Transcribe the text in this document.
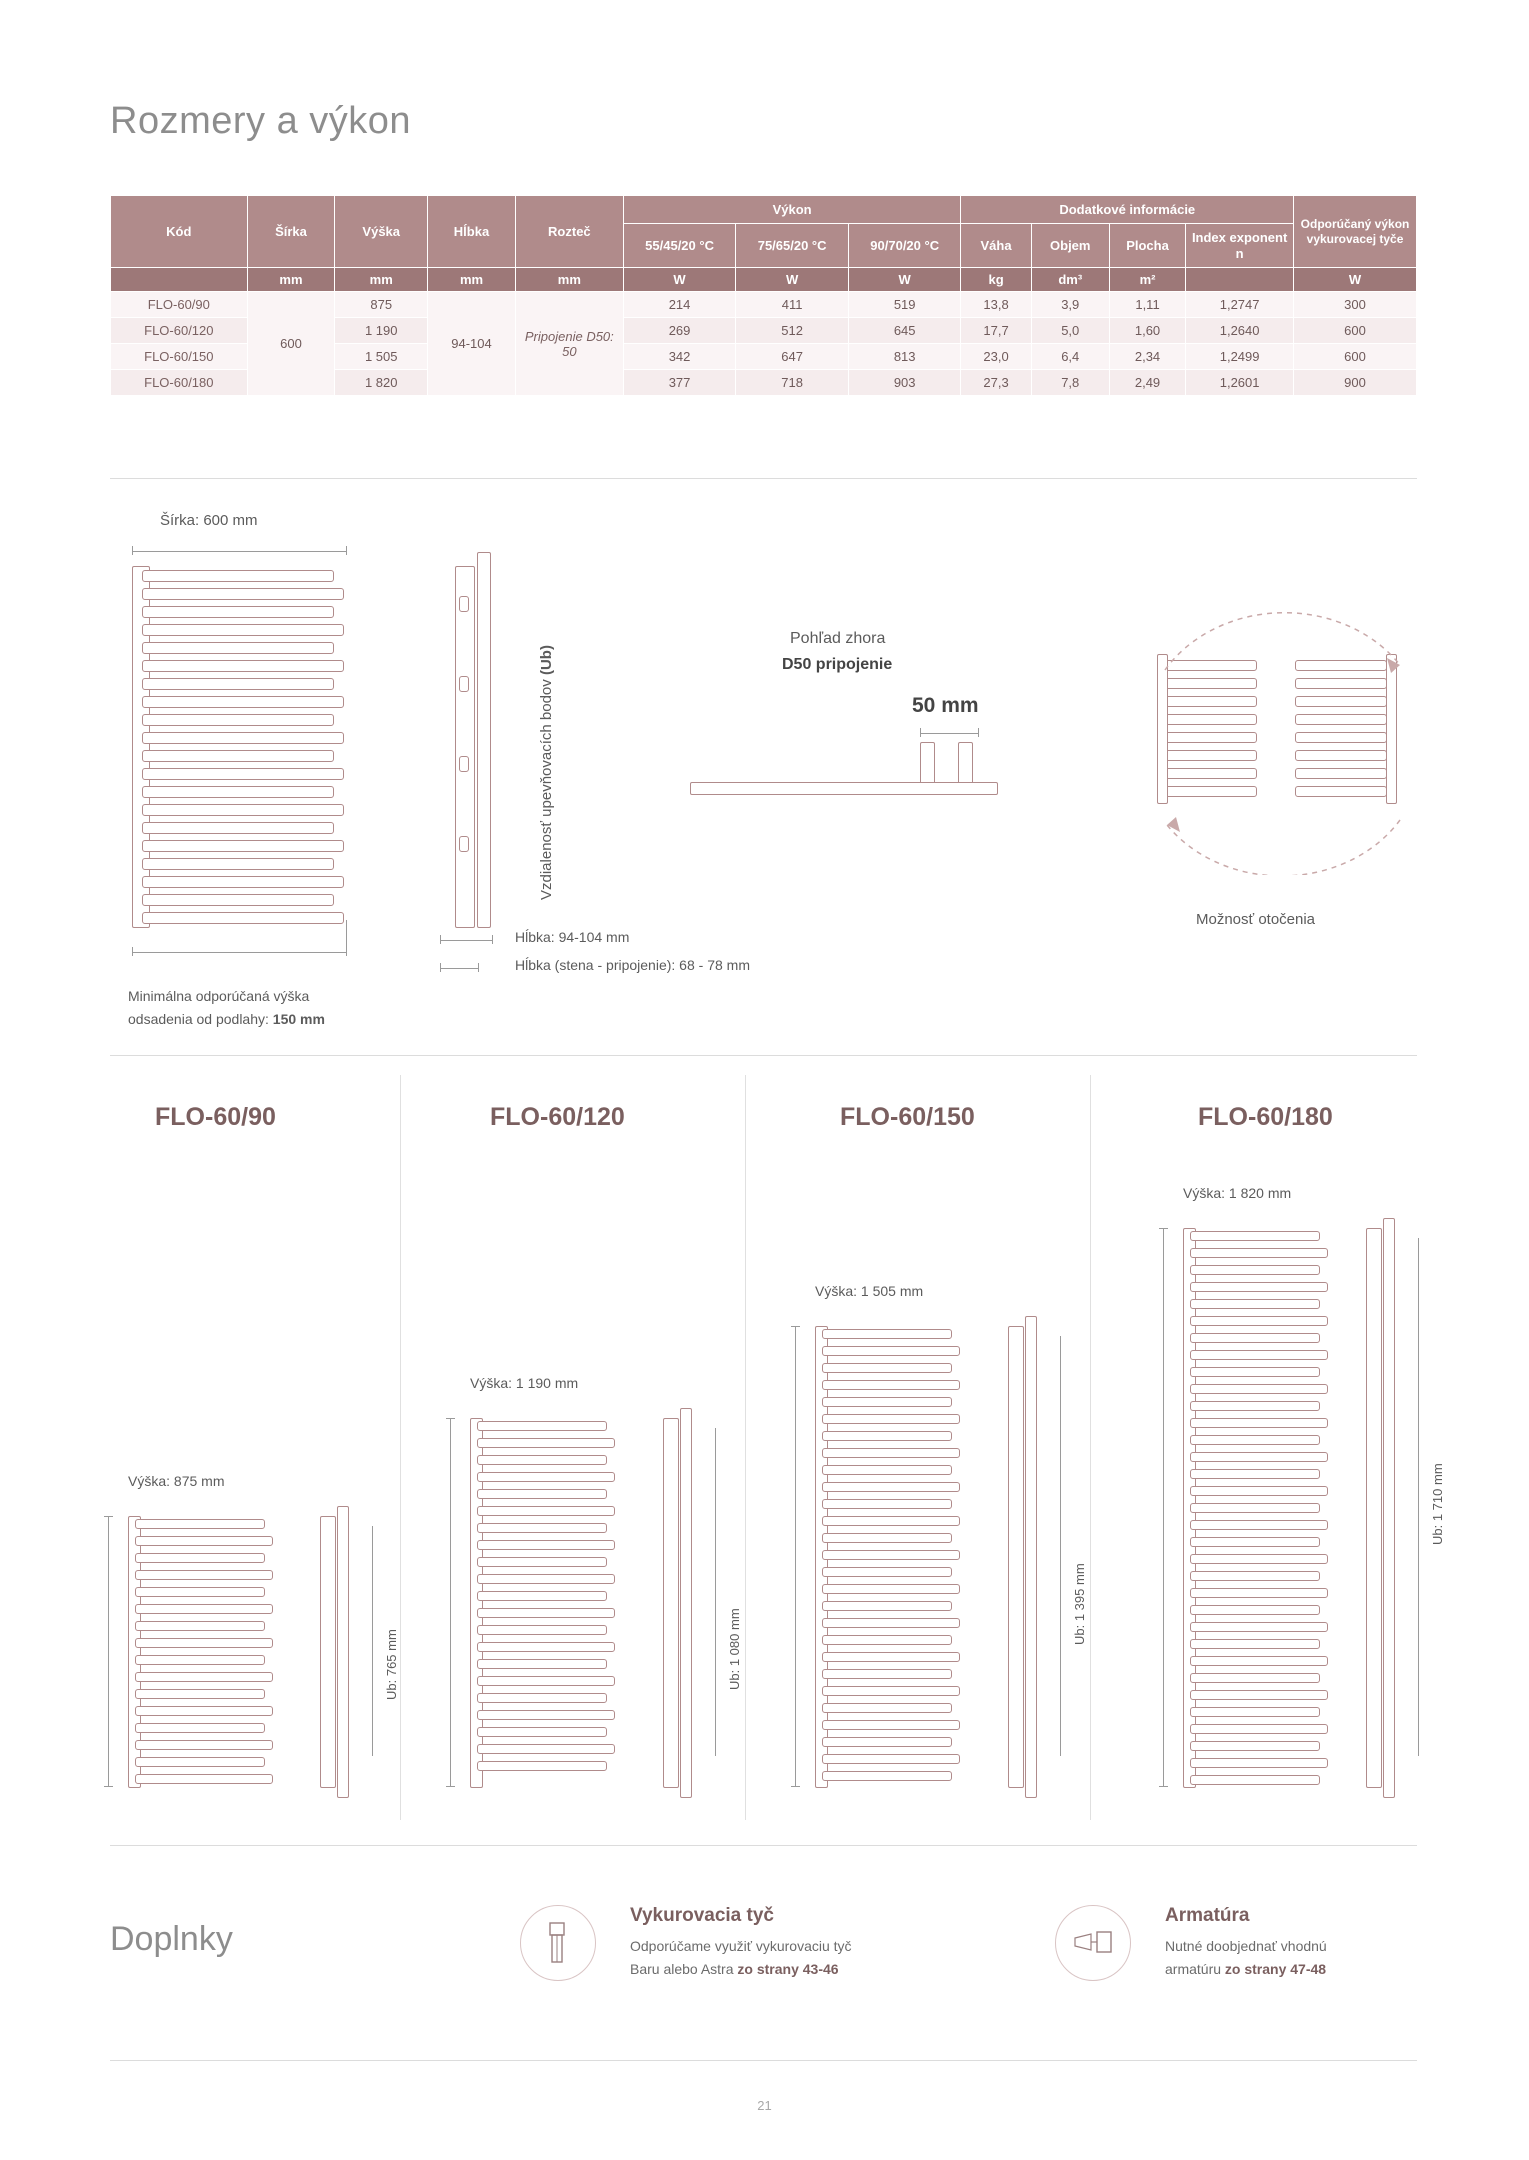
Rozmery a výkon
Kód	Šírka	Výška	Hĺbka	Rozteč	Výkon			Dodatkové informácie				Odporúčaný výkon vykurovacej tyče
					55/45/20 °C	75/65/20 °C	90/70/20 °C	Váha	Objem	Plocha	Index exponent n	
	mm	mm	mm	mm	W	W	W	kg	dm³	m²		W
FLO-60/90	600	875	94-104	Pripojenie D50: 50	214	411	519	13,8	3,9	1,11	1,2747	300
FLO-60/120		1 190			269	512	645	17,7	5,0	1,60	1,2640	600
FLO-60/150		1 505			342	647	813	23,0	6,4	2,34	1,2499	600
FLO-60/180		1 820			377	718	903	27,3	7,8	2,49	1,2601	900
Šírka: 600 mm
Minimálna odporúčaná výška
odsadenia od podlahy: 150 mm
Vzdialenosť upevňovacích bodov (Ub)
Hĺbka: 94-104 mm
Hĺbka (stena - pripojenie): 68 - 78 mm
Pohľad zhora
D50 pripojenie
50 mm
Možnosť otočenia
FLO-60/90	FLO-60/120	FLO-60/150	FLO-60/180
Výška: 875 mm
Ub: 765 mm
Výška: 1 190 mm
Ub: 1 080 mm
Výška: 1 505 mm
Ub: 1 395 mm
Výška: 1 820 mm
Ub: 1 710 mm
Doplnky
Vykurovacia tyč
Odporúčame využiť vykurovaciu tyč
Baru alebo Astra zo strany 43-46
Armatúra
Nutné doobjednať vhodnú
armatúru zo strany 47-48
21
